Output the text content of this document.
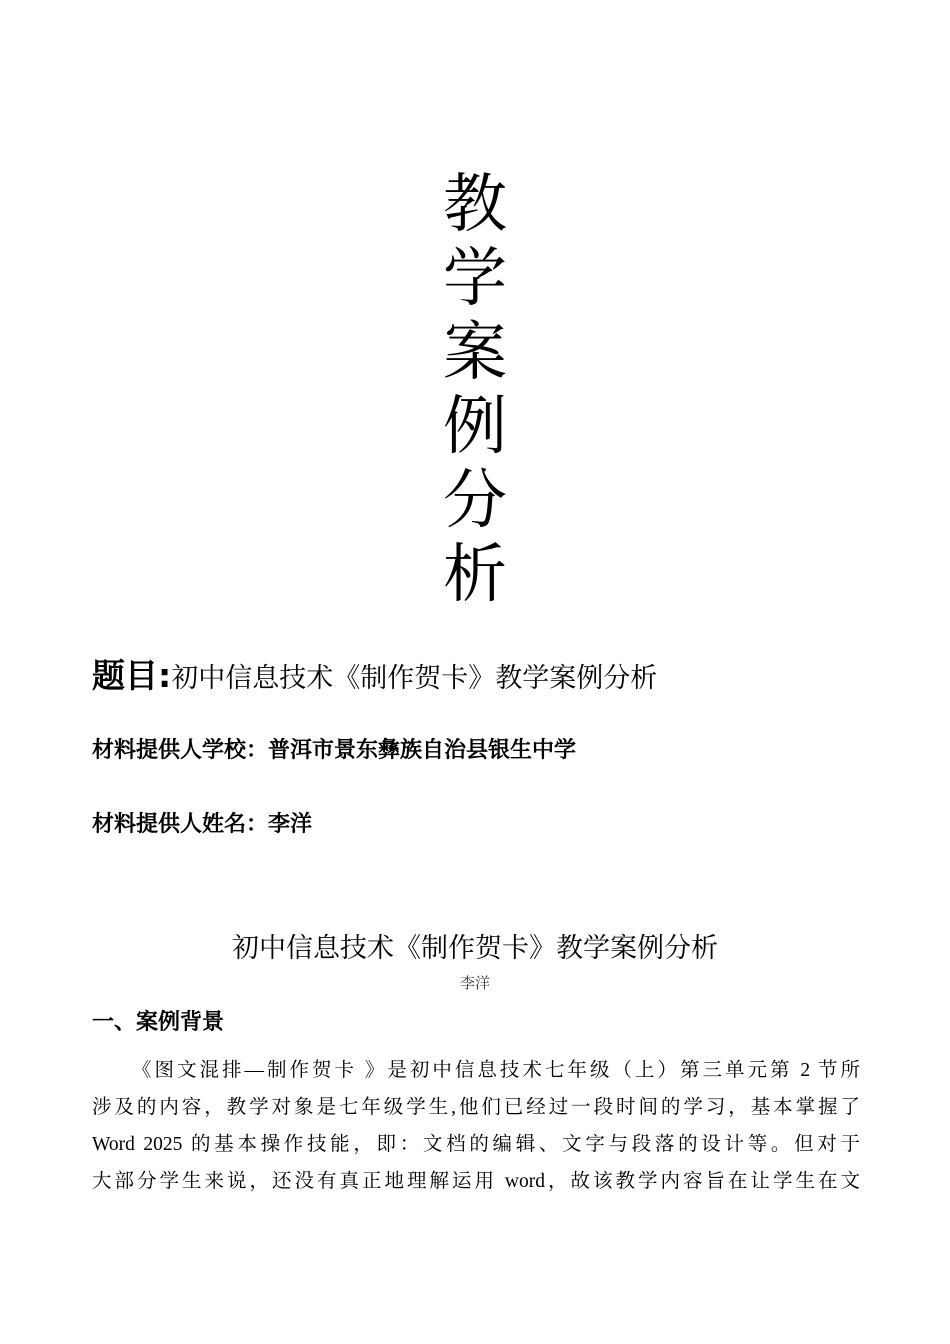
教
学
案
例
分
析
题目:初中信息技术《制作贺卡》教学案例分析
材料提供人学校：普洱市景东彝族自治县银生中学
材料提供人姓名：李洋
初中信息技术《制作贺卡》教学案例分析
李洋
一、案例背景
《图文混排—制作贺卡 》是初中信息技术七年级（上）第三单元第 2 节所
涉及的内容，教学对象是七年级学生,他们已经过一段时间的学习，基本掌握了
Word 2025 的基本操作技能，即：文档的编辑、文字与段落的设计等。但对于
大部分学生来说，还没有真正地理解运用 word，故该教学内容旨在让学生在文
